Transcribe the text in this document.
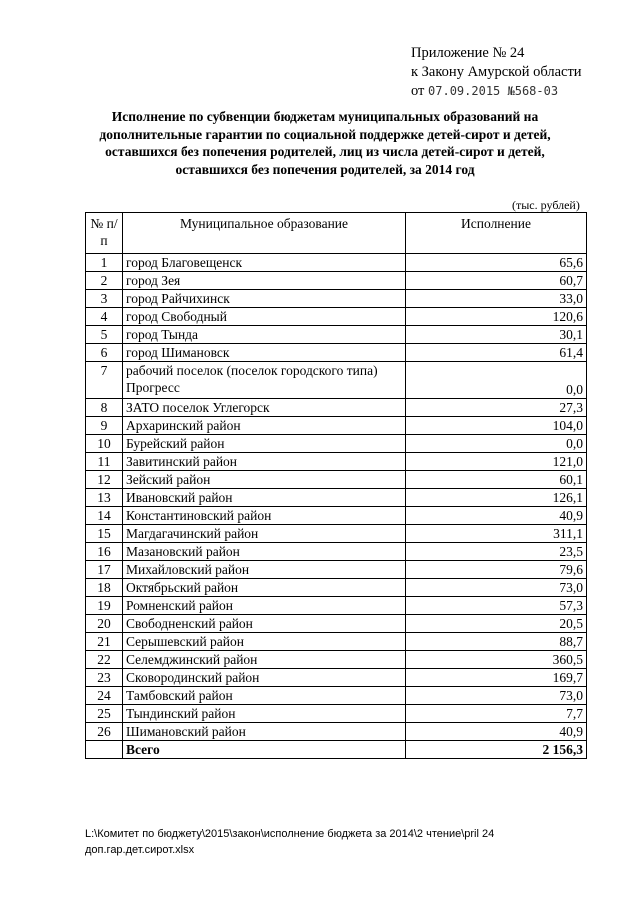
Приложение № 24
к Закону Амурской области
от 07.09.2015 №568-03
Исполнение по субвенции бюджетам муниципальных образований на дополнительные гарантии по социальной поддержке детей-сирот и детей, оставшихся без попечения родителей, лиц из числа детей-сирот и детей, оставшихся без попечения родителей, за 2014 год
(тыс. рублей)
№ п/п	Муниципальное образование	Исполнение
1	город Благовещенск	65,6
2	город Зея	60,7
3	город Райчихинск	33,0
4	город Свободный	120,6
5	город Тында	30,1
6	город Шимановск	61,4
7	рабочий поселок (поселок городского типа) Прогресс	0,0
8	ЗАТО поселок Углегорск	27,3
9	Архаринский район	104,0
10	Бурейский район	0,0
11	Завитинский район	121,0
12	Зейский район	60,1
13	Ивановский район	126,1
14	Константиновский район	40,9
15	Магдагачинский район	311,1
16	Мазановский район	23,5
17	Михайловский район	79,6
18	Октябрьский район	73,0
19	Ромненский район	57,3
20	Свободненский район	20,5
21	Серышевский район	88,7
22	Селемджинский район	360,5
23	Сковородинский район	169,7
24	Тамбовский район	73,0
25	Тындинский район	7,7
26	Шимановский район	40,9
	Всего	2 156,3
L:\Комитет по бюджету\2015\закон\исполнение бюджета за 2014\2 чтение\pril 24
доп.гар.дет.сирот.xlsx
